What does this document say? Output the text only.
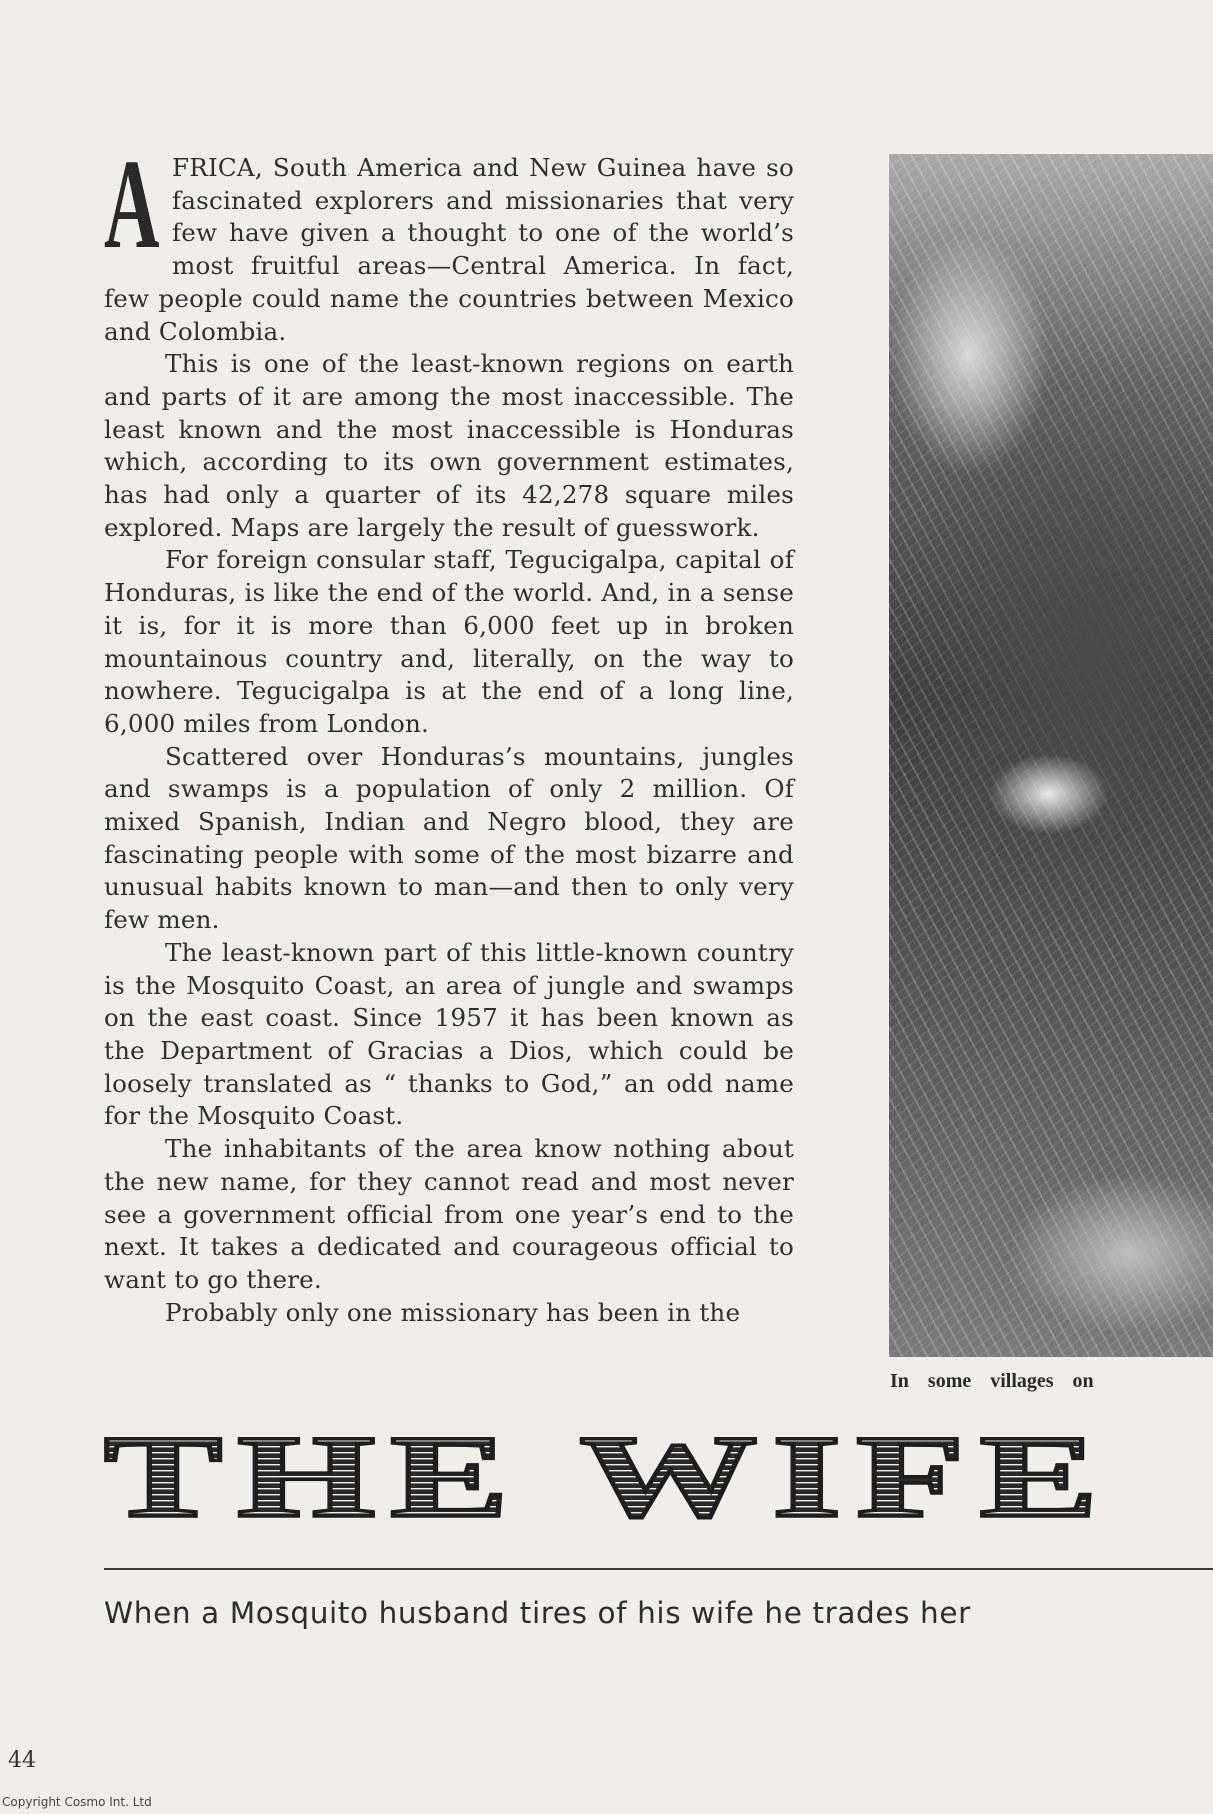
AFRICA, South America and New Guinea have so fascinated explorers and missionaries that very few have given a thought to one of the world’s most fruitful areas—Central America. In fact, few people could name the countries between Mexico and Colombia.

This is one of the least-known regions on earth and parts of it are among the most inaccessible. The least known and the most inaccessible is Honduras which, according to its own government estimates, has had only a quarter of its 42,278 square miles explored. Maps are largely the result of guesswork.

For foreign consular staff, Tegucigalpa, capital of Honduras, is like the end of the world. And, in a sense it is, for it is more than 6,000 feet up in broken mountainous country and, literally, on the way to nowhere. Tegucigalpa is at the end of a long line, 6,000 miles from London.

Scattered over Honduras’s mountains, jungles and swamps is a population of only 2 million. Of mixed Spanish, Indian and Negro blood, they are fascinating people with some of the most bizarre and unusual habits known to man—and then to only very few men.

The least-known part of this little-known country is the Mosquito Coast, an area of jungle and swamps on the east coast. Since 1957 it has been known as the Department of Gracias a Dios, which could be loosely translated as “ thanks to God,” an odd name for the Mosquito Coast.

The inhabitants of the area know nothing about the new name, for they cannot read and most never see a government official from one year’s end to the next. It takes a dedicated and courageous official to want to go there.

Probably only one missionary has been in the

In some villages on
THE WIFE
When a Mosquito husband tires of his wife he trades her
44
Copyright Cosmo Int. Ltd
